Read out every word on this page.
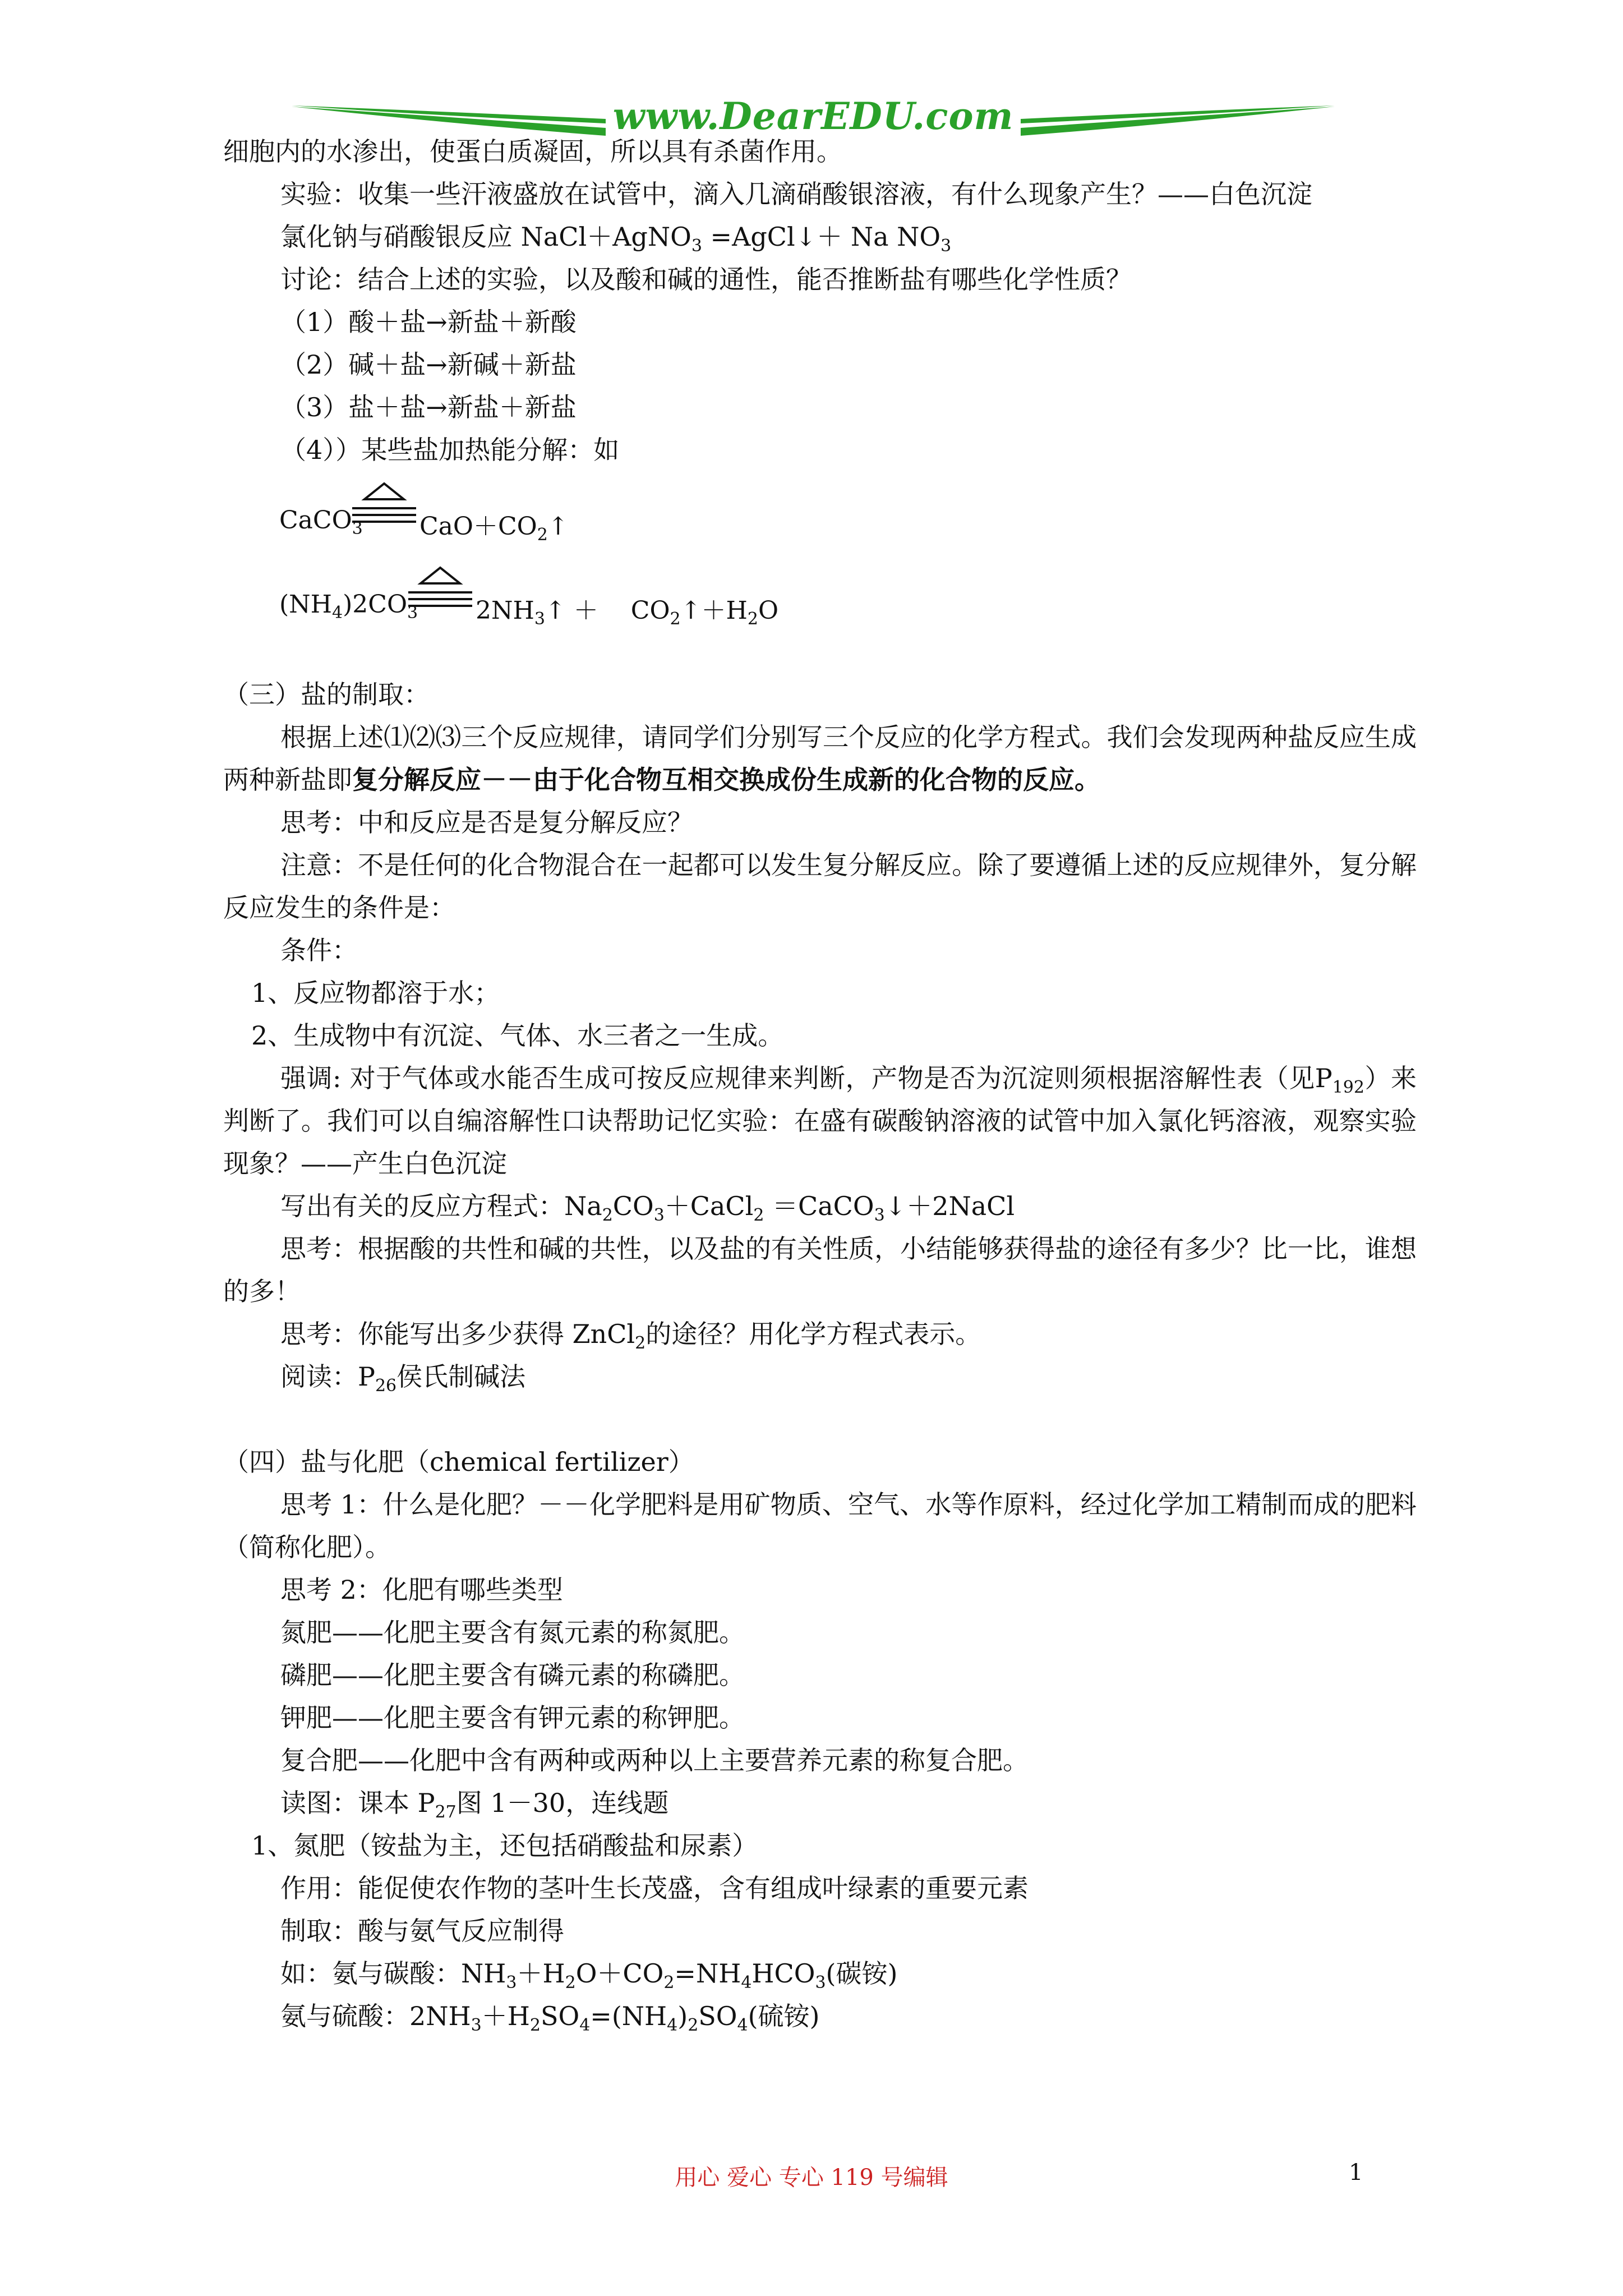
www.DearEDU.com

细胞内的水渗出，使蛋白质凝固，所以具有杀菌作用。

实验：收集一些汗液盛放在试管中，滴入几滴硝酸银溶液，有什么现象产生？——白色沉淀

氯化钠与硝酸银反应 NaCl＋AgNO$_3$ =AgCl↓＋ Na $NO_3$

讨论：结合上述的实验，以及酸和碱的通性，能否推断盐有哪些化学性质？

（1）酸＋盐→新盐＋新酸

（2）碱＋盐→新碱＋新盐

（3）盐＋盐→新盐＋新盐

（4））某些盐加热能分解：如

CaCO$_3$ $CaO+CO_2↑$
$(NH_4)2CO_3$ $2NH_3↑$ ＋　 $CO_2↑+H_2O$

（三）盐的制取：

根据上述⑴⑵⑶三个反应规律，请同学们分别写三个反应的化学方程式。我们会发现两种盐反应生成两种新盐即复分解反应－－由于化合物互相交换成份生成新的化合物的反应。

思考：中和反应是否是复分解反应？

注意：不是任何的化合物混合在一起都可以发生复分解反应。除了要遵循上述的反应规律外，复分解反应发生的条件是：

条件：

1、反应物都溶于水；

2、生成物中有沉淀、气体、水三者之一生成。

强调: 对于气体或水能否生成可按反应规律来判断，产物是否为沉淀则须根据溶解性表（见$P_{192}$）来判断了。我们可以自编溶解性口诀帮助记忆实验：在盛有碳酸钠溶液的试管中加入氯化钙溶液，观察实验现象？——产生白色沉淀

写出有关的反应方程式：$Na_2CO_3+CaCl_2$ ＝CaCO$_3$↓＋2NaCl

思考：根据酸的共性和碱的共性，以及盐的有关性质，小结能够获得盐的途径有多少？比一比，谁想的多！

思考：你能写出多少获得 ZnCl$_2$的途径？用化学方程式表示。

阅读：$P_{26}$侯氏制碱法

（四）盐与化肥（chemical fertilizer）

思考 1：什么是化肥？－－化学肥料是用矿物质、空气、水等作原料，经过化学加工精制而成的肥料（简称化肥）。

思考 2：化肥有哪些类型

氮肥——化肥主要含有氮元素的称氮肥。

磷肥——化肥主要含有磷元素的称磷肥。

钾肥——化肥主要含有钾元素的称钾肥。

复合肥——化肥中含有两种或两种以上主要营养元素的称复合肥。

读图：课本 $P_{27}$图 1－30，连线题

1、氮肥（铵盐为主，还包括硝酸盐和尿素）

作用：能促使农作物的茎叶生长茂盛，含有组成叶绿素的重要元素

制取：酸与氨气反应制得

如：氨与碳酸：$NH_3+H_2O+CO_2=NH_4HCO_3$(碳铵)

氨与硫酸：$2NH_3+H_2SO_4=(NH_4)_2SO_4$(硫铵)

用心 爱心 专心 119 号编辑	1
